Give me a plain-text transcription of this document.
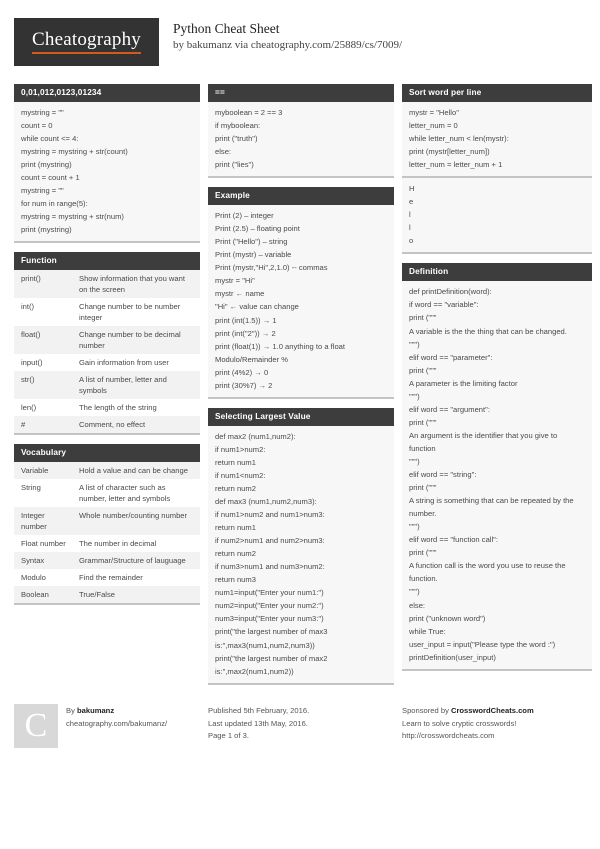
Cheatography
Python Cheat Sheet
by bakumanz via cheatography.com/25889/cs/7009/
0,01,012,0123,01234
mystring = ""
count = 0
while count <= 4:
mystring = mystring + str(count)
print (mystring)
count = count + 1
mystring = ""
for num in range(5):
mystring = mystring + str(num)
print (mystring)
Function
print()	Show information that you want on the screen
int()	Change number to be number integer
float()	Change number to be decimal number
input()	Gain information from user
str()	A list of number, letter and symbols
len()	The length of the string
#	Comment, no effect
Vocabulary
Variable	Hold a value and can be change
String	A list of character such as number, letter and symbols
Integer number	Whole number/counting number
Float number	The number in decimal
Syntax	Grammar/Structure of lauguage
Modulo	Find the remainder
Boolean	True/False
==
myboolean = 2 == 3
if myboolean:
print ("truth")
else:
print ("lies")
Example
Print (2) – integer
Print (2.5) – floating point
Print ("Hello") – string
Print (mystr) – variable
Print (mystr,"Hi",2,1.0) -- commas
mystr = "Hi"
mystr ← name
"Hi" ← value can change
print (int(1.5)) → 1
print (int("2")) → 2
print (float(1)) → 1.0 anything to a float
Modulo/Remainder %
print (4%2) → 0
print (30%7) → 2
Selecting Largest Value
def max2 (num1,num2):
if num1>num2:
return num1
if num1<num2:
return num2
def max3 (num1,num2,num3):
if num1>num2 and num1>num3:
return num1
if num2>num1 and num2>num3:
return num2
if num3>num1 and num3>num2:
return num3
num1=input("Enter your num1:")
num2=input("Enter your num2:")
num3=input("Enter your num3:")
print("the largest number of max3 is:",max3(num1,num2,num3))
print("the largest number of max2 is:",max2(num1,num2))
Sort word per line
mystr = "Hello"
letter_num = 0
while letter_num < len(mystr):
print (mystr[letter_num])
letter_num = letter_num + 1
H
e
l
l
o
Definition
def printDefinition(word):
if word == "variable":
print ("""
A variable is the the thing that can be changed.
""")
elif word == "parameter":
print ("""
A parameter is the limiting factor
""")
elif word == "argument":
print ("""
An argument is the identifier that you give to function
""")
elif word == "string":
print ("""
A string is something that can be repeated by the number.
""")
elif word == "function call":
print ("""
A function call is the word you use to reuse the function.
""")
else:
print ("unknown word")
while True:
user_input = input("Please type the word :")
printDefinition(user_input)
C	By bakumanz
cheatography.com/bakumanz/
Published 5th February, 2016.
Last updated 13th May, 2016.
Page 1 of 3.
Sponsored by CrosswordCheats.com
Learn to solve cryptic crosswords!
http://crosswordcheats.com
